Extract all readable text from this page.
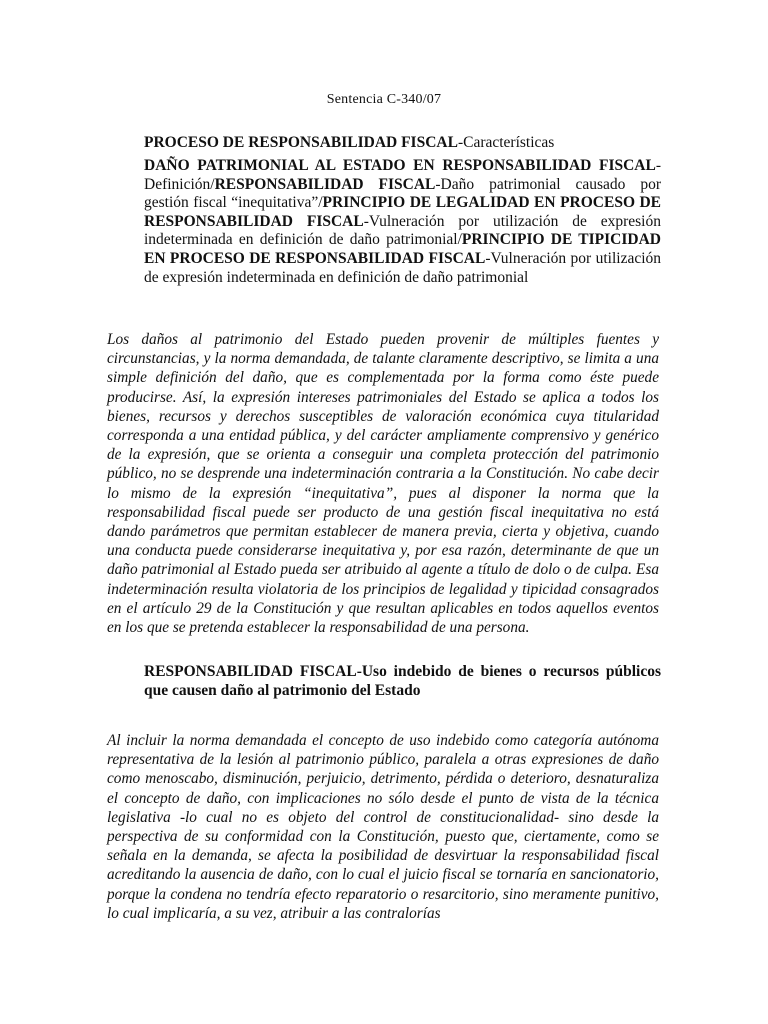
Sentencia C-340/07
PROCESO DE RESPONSABILIDAD FISCAL-Características
DAÑO PATRIMONIAL AL ESTADO EN RESPONSABILIDAD FISCAL-Definición/RESPONSABILIDAD FISCAL-Daño patrimonial causado por gestión fiscal “inequitativa”/PRINCIPIO DE LEGALIDAD EN PROCESO DE RESPONSABILIDAD FISCAL-Vulneración por utilización de expresión indeterminada en definición de daño patrimonial/PRINCIPIO DE TIPICIDAD EN PROCESO DE RESPONSABILIDAD FISCAL-Vulneración por utilización de expresión indeterminada en definición de daño patrimonial
Los daños al patrimonio del Estado pueden provenir de múltiples fuentes y circunstancias, y la norma demandada, de talante claramente descriptivo, se limita a una simple definición del daño, que es complementada por la forma como éste puede producirse. Así, la expresión intereses patrimoniales del Estado se aplica a todos los bienes, recursos y derechos susceptibles de valoración económica cuya titularidad corresponda a una entidad pública, y del carácter ampliamente comprensivo y genérico de la expresión, que se orienta a conseguir una completa protección del patrimonio público, no se desprende una indeterminación contraria a la Constitución. No cabe decir lo mismo de la expresión “inequitativa”, pues al disponer la norma que la responsabilidad fiscal puede ser producto de una gestión fiscal inequitativa no está dando parámetros que permitan establecer de manera previa, cierta y objetiva, cuando una conducta puede considerarse inequitativa y, por esa razón, determinante de que un daño patrimonial al Estado pueda ser atribuido al agente a título de dolo o de culpa. Esa indeterminación resulta violatoria de los principios de legalidad y tipicidad consagrados en el artículo 29 de la Constitución y que resultan aplicables en todos aquellos eventos en los que se pretenda establecer la responsabilidad de una persona.
RESPONSABILIDAD FISCAL-Uso indebido de bienes o recursos públicos que causen daño al patrimonio del Estado
Al incluir la norma demandada el concepto de uso indebido como categoría autónoma representativa de la lesión al patrimonio público, paralela a otras expresiones de daño como menoscabo, disminución, perjuicio, detrimento, pérdida o deterioro, desnaturaliza el concepto de daño, con implicaciones no sólo desde el punto de vista de la técnica legislativa -lo cual no es objeto del control de constitucionalidad- sino desde la perspectiva de su conformidad con la Constitución, puesto que, ciertamente, como se señala en la demanda, se afecta la posibilidad de desvirtuar la responsabilidad fiscal acreditando la ausencia de daño, con lo cual el juicio fiscal se tornaría en sancionatorio, porque la condena no tendría efecto reparatorio o resarcitorio, sino meramente punitivo, lo cual implicaría, a su vez, atribuir a las contralorías
